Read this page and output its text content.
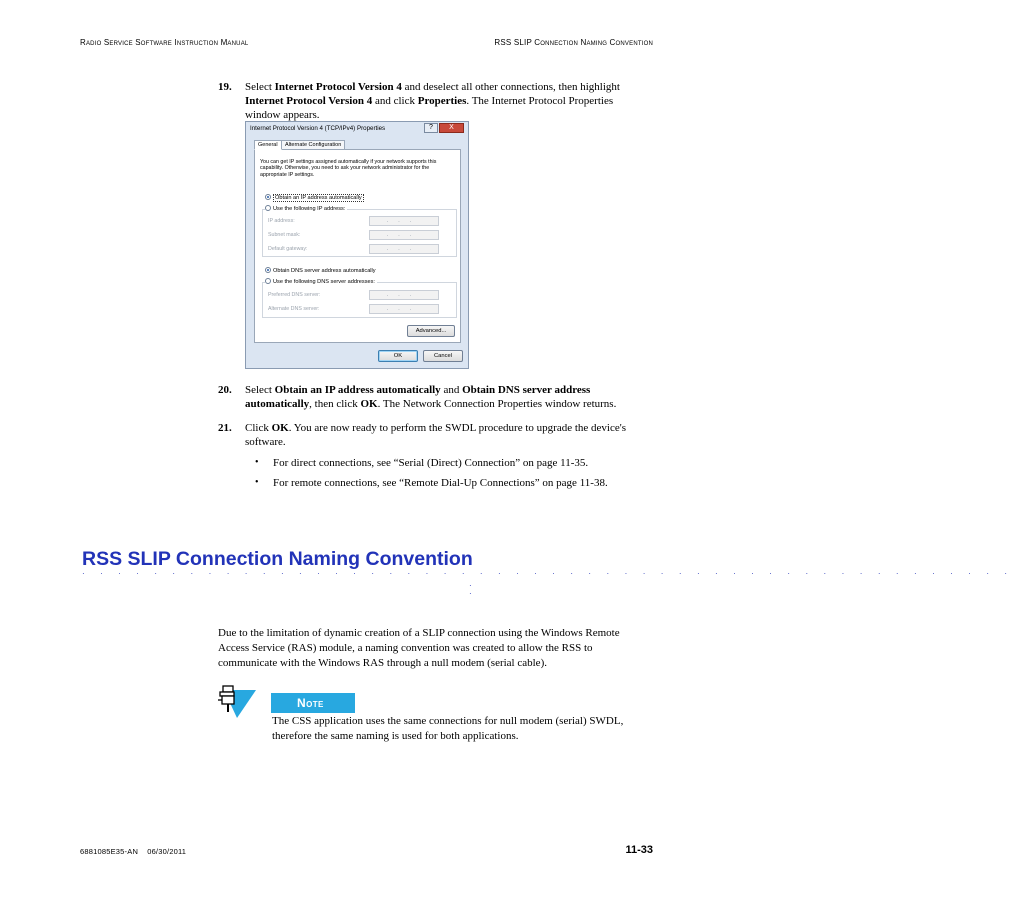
Radio Service Software Instruction Manual	RSS SLIP Connection Naming Convention
19. Select Internet Protocol Version 4 and deselect all other connections, then highlight Internet Protocol Version 4 and click Properties. The Internet Protocol Properties window appears.
Internet Protocol Version 4 (TCP/IPv4) Properties	?	X
General	Alternate Configuration
You can get IP settings assigned automatically if your network supports this capability. Otherwise, you need to ask your network administrator for the appropriate IP settings.
Obtain an IP address automatically
Use the following IP address:
IP address:	...
Subnet mask:	...
Default gateway:	...
Obtain DNS server address automatically
Use the following DNS server addresses:
Preferred DNS server:	...
Alternate DNS server:	...
Advanced...
OK	Cancel
20. Select Obtain an IP address automatically and Obtain DNS server address automatically, then click OK. The Network Connection Properties window returns.
21. Click OK. You are now ready to perform the SWDL procedure to upgrade the device's software.
• For direct connections, see “Serial (Direct) Connection” on page 11-35.
• For remote connections, see “Remote Dial-Up Connections” on page 11-38.
RSS SLIP Connection Naming Convention
· · · · · · · · · · · · · · · · · · · · · · · · · · · · · · · · · · · · · · · · · · · · · · · · · · · ·
·
·
Due to the limitation of dynamic creation of a SLIP connection using the Windows Remote Access Service (RAS) module, a naming convention was created to allow the RSS to communicate with the Windows RAS through a null modem (serial cable).
Note
The CSS application uses the same connections for null modem (serial) SWDL, therefore the same naming is used for both applications.
6881085E35-AN    06/30/2011	11-33
